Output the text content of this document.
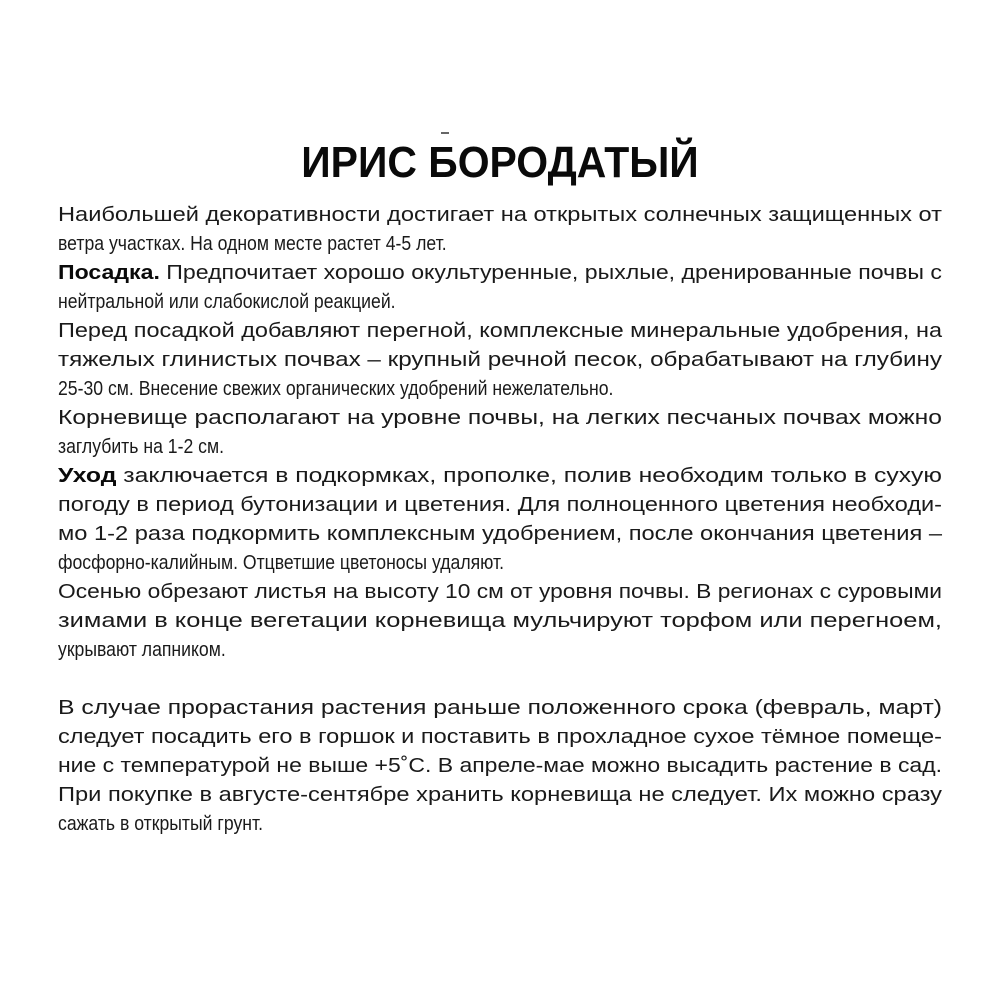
ИРИС БОРОДАТЫЙ
Наибольшей декоративности достигает на открытых солнечных защищенных от
ветра участках. На одном месте растет 4-5 лет.
Посадка. Предпочитает хорошо окультуренные, рыхлые, дренированные почвы с
нейтральной или слабокислой реакцией.
Перед посадкой добавляют перегной, комплексные минеральные удобрения, на
тяжелых глинистых почвах – крупный речной песок, обрабатывают на глубину
25-30 см. Внесение свежих органических удобрений нежелательно.
Корневище располагают на уровне почвы, на легких песчаных почвах можно
заглубить на 1-2 см.
Уход заключается в подкормках, прополке, полив необходим только в сухую
погоду в период бутонизации и цветения. Для полноценного цветения необходи-
мо 1-2 раза подкормить комплексным удобрением, после окончания цветения –
фосфорно-калийным. Отцветшие цветоносы удаляют.
Осенью обрезают листья на высоту 10 см от уровня почвы. В регионах с суровыми
зимами в конце вегетации корневища мульчируют торфом или перегноем,
укрывают лапником.
В случае прорастания растения раньше положенного срока (февраль, март)
следует посадить его в горшок и поставить в прохладное сухое тёмное помеще-
ние с температурой не выше +5˚С. В апреле-мае можно высадить растение в сад.
При покупке в августе-сентябре хранить корневища не следует. Их можно сразу
сажать в открытый грунт.
